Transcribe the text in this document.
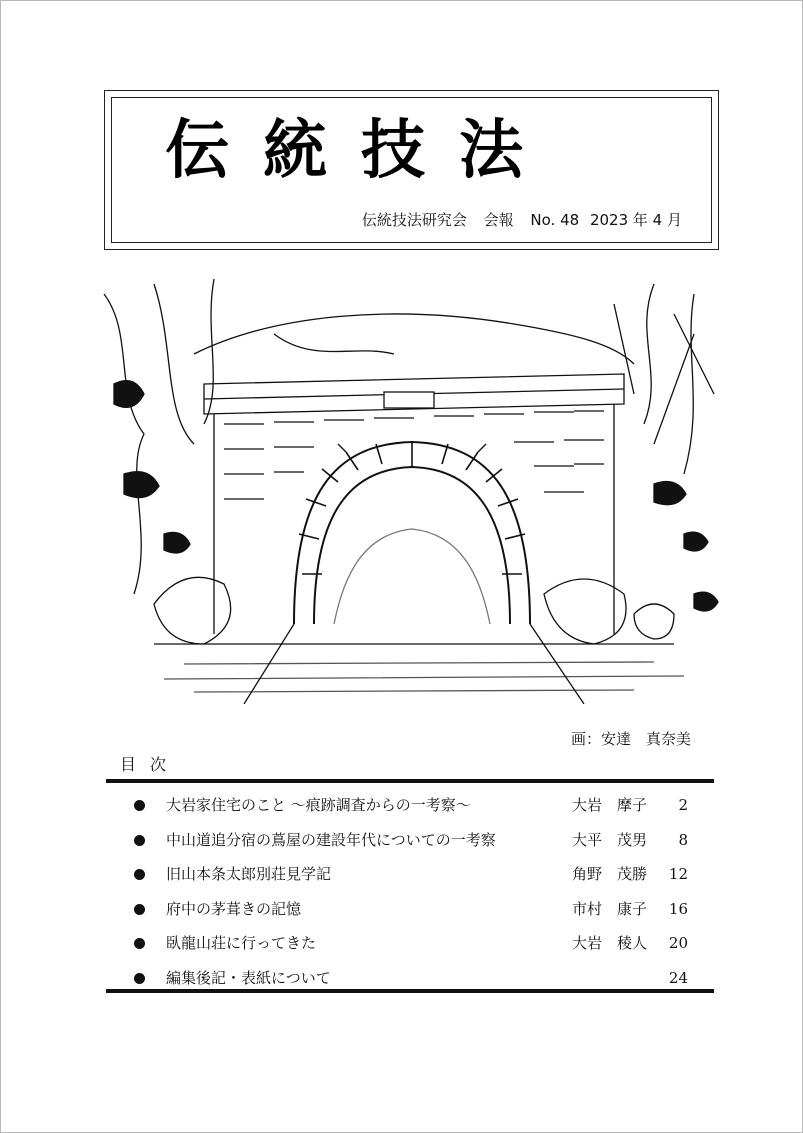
伝統技法
伝統技法研究会 会報 No. 48 2023 年 4 月
画：安達　真奈美
目次
大岩家住宅のこと ～痕跡調査からの一考察～	大岩　摩子 2
中山道追分宿の蔦屋の建設年代についての一考察	大平　茂男 8
旧山本条太郎別荘見学記	角野　茂勝 12
府中の茅葺きの記憶	市村　康子 16
臥龍山荘に行ってきた	大岩　稜人 20
編集後記・表紙について	24
